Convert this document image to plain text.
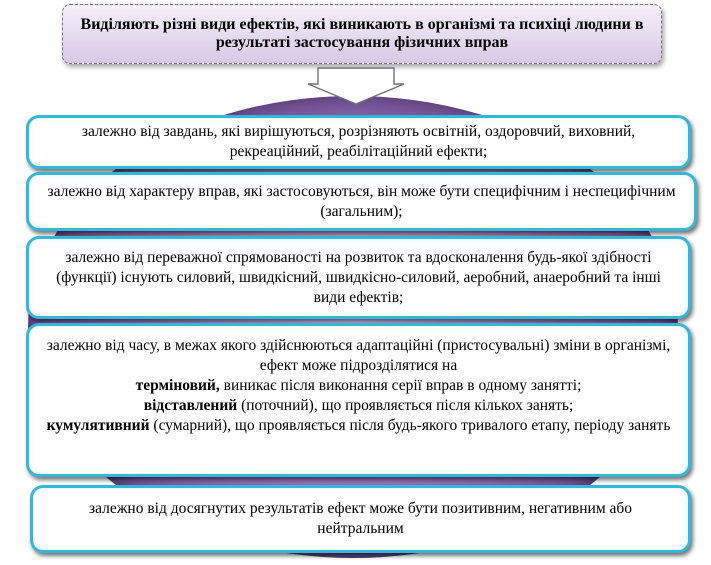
Виділяють різні види ефектів, які виникають в організмі та психіці людини в результаті застосування фізичних вправ

залежно від завдань, які вирішуються, розрізняють освітній, оздоровчий, виховний, рекреаційний, реабілітаційний ефекти;

залежно від характеру вправ, які застосовуються, він може бути специфічним і неспецифічним (загальним);

залежно від переважної спрямованості на розвиток та вдосконалення будь-якої здібності (функції) існують силовий, швидкісний, швидкісно-силовий, аеробний, анаеробний та інші види ефектів;

залежно від часу, в межах якого здійснюються адаптаційні (пристосувальні) зміни в організмі, ефект може підрозділятися на
терміновий, виникає після виконання серії вправ в одному занятті;
відставлений (поточний), що проявляється після кількох занять;
кумулятивний (сумарний), що проявляється після будь-якого тривалого етапу, періоду занять

залежно від досягнутих результатів ефект може бути позитивним, негативним або нейтральним
